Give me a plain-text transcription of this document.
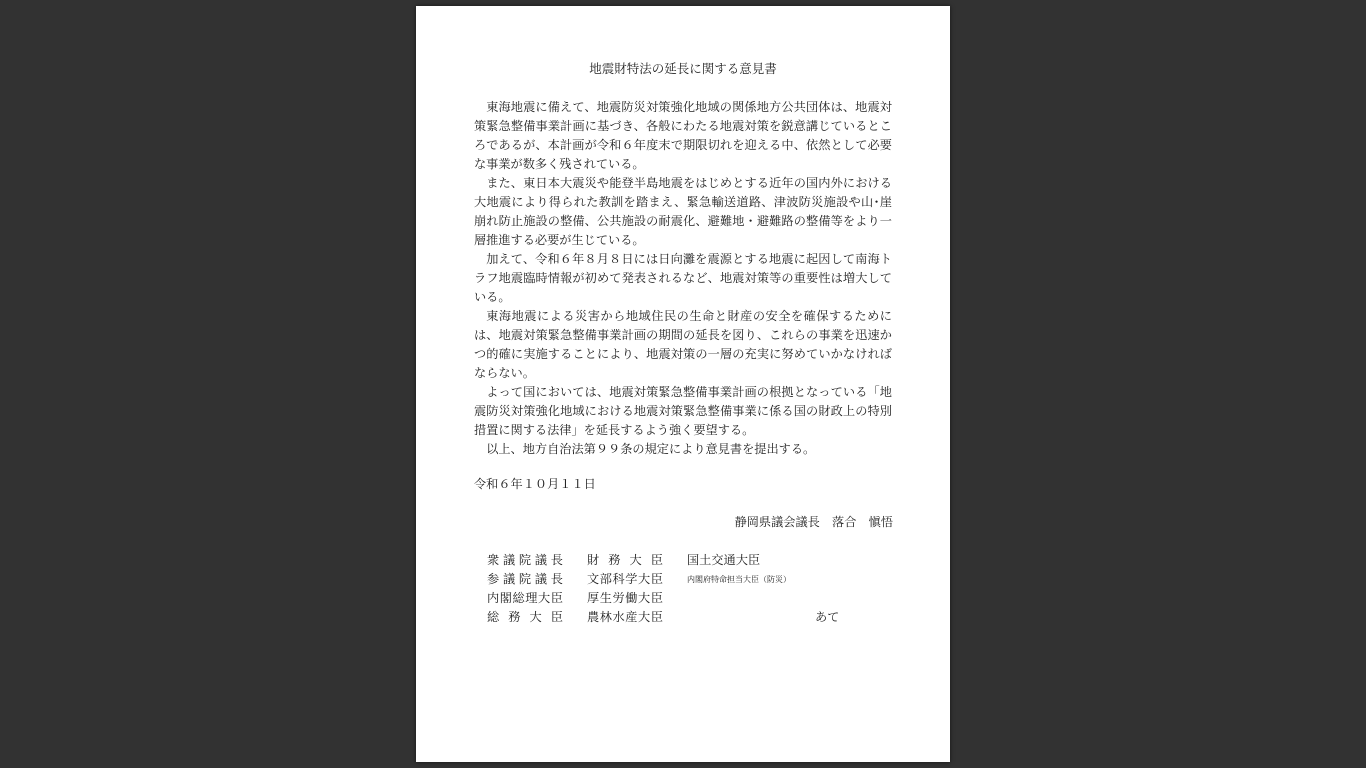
地震財特法の延長に関する意見書

東海地震に備えて、地震防災対策強化地域の関係地方公共団体は、地震対策緊急整備事業計画に基づき、各般にわたる地震対策を鋭意講じているところであるが、本計画が令和６年度末で期限切れを迎える中、依然として必要な事業が数多く残されている。

また、東日本大震災や能登半島地震をはじめとする近年の国内外における大地震により得られた教訓を踏まえ、緊急輸送道路、津波防災施設や山･崖崩れ防止施設の整備、公共施設の耐震化、避難地・避難路の整備等をより一層推進する必要が生じている。

加えて、令和６年８月８日には日向灘を震源とする地震に起因して南海トラフ地震臨時情報が初めて発表されるなど、地震対策等の重要性は増大している。

東海地震による災害から地域住民の生命と財産の安全を確保するためには、地震対策緊急整備事業計画の期間の延長を図り、これらの事業を迅速かつ的確に実施することにより、地震対策の一層の充実に努めていかなければならない。

よって国においては、地震対策緊急整備事業計画の根拠となっている「地震防災対策強化地域における地震対策緊急整備事業に係る国の財政上の特別措置に関する法律」を延長するよう強く要望する。

以上、地方自治法第９９条の規定により意見書を提出する。

令和６年１０月１１日
静岡県議会議長　落合　愼悟
衆議院議長
参議院議長
内閣総理大臣
総務大臣
財務大臣
文部科学大臣
厚生労働大臣
農林水産大臣
国土交通大臣
内閣府特命担当大臣（防災）
あて
